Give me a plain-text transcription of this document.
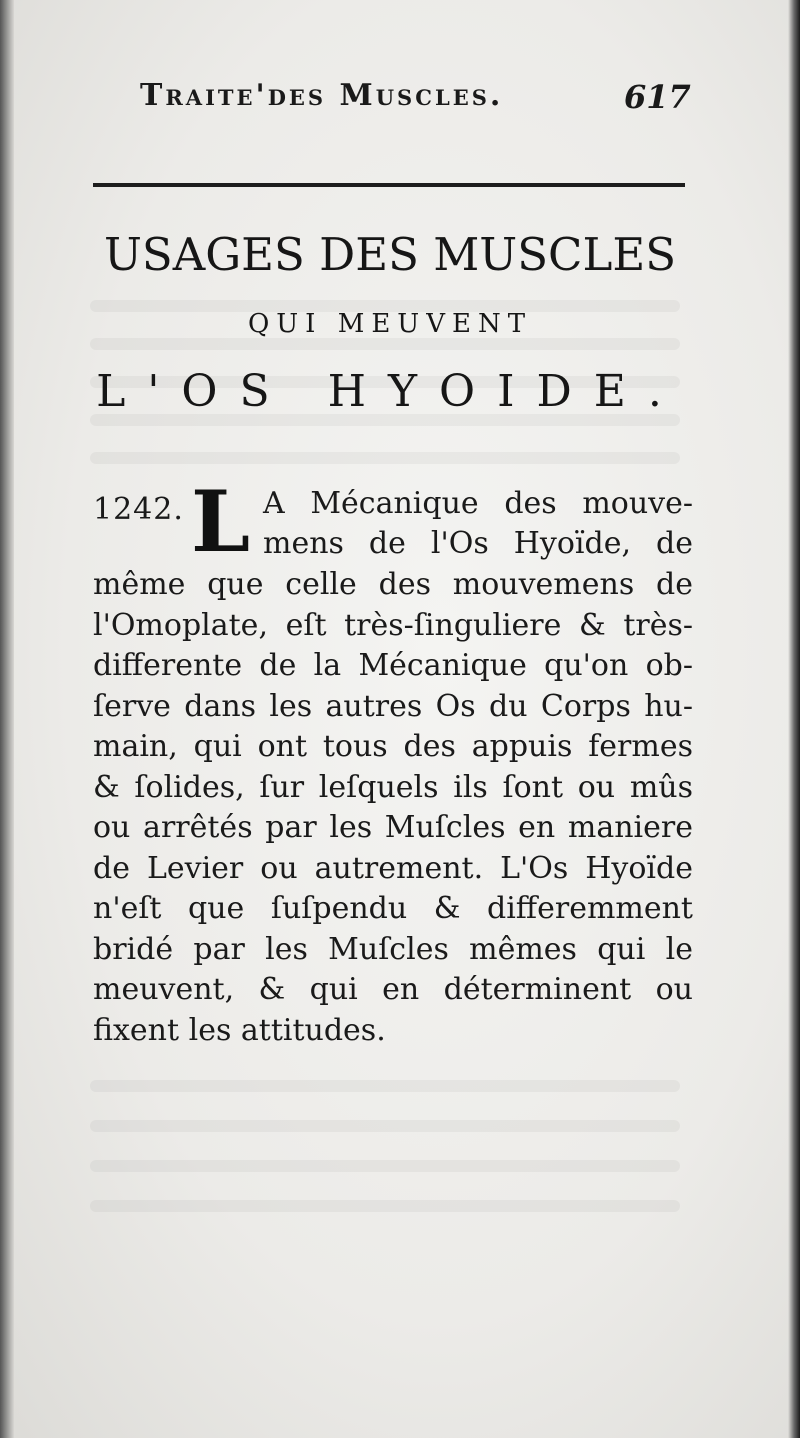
Traite'des Muscles.	617
USAGES DES MUSCLES
QUI MEUVENT
L'OS HYOIDE.
1242. L A Mécanique des mouve-
mens de l'Os Hyoïde, de
même que celle des mouvemens de
l'Omoplate, eſt très-ſinguliere & très-
differente de la Mécanique qu'on ob-
ſerve dans les autres Os du Corps hu-
main, qui ont tous des appuis fermes
& ſolides, ſur leſquels ils ſont ou mûs
ou arrêtés par les Muſcles en maniere
de Levier ou autrement. L'Os Hyoïde
n'eſt que ſuſpendu & differemment
bridé par les Muſcles mêmes qui le
meuvent, & qui en déterminent ou
fixent les attitudes.
